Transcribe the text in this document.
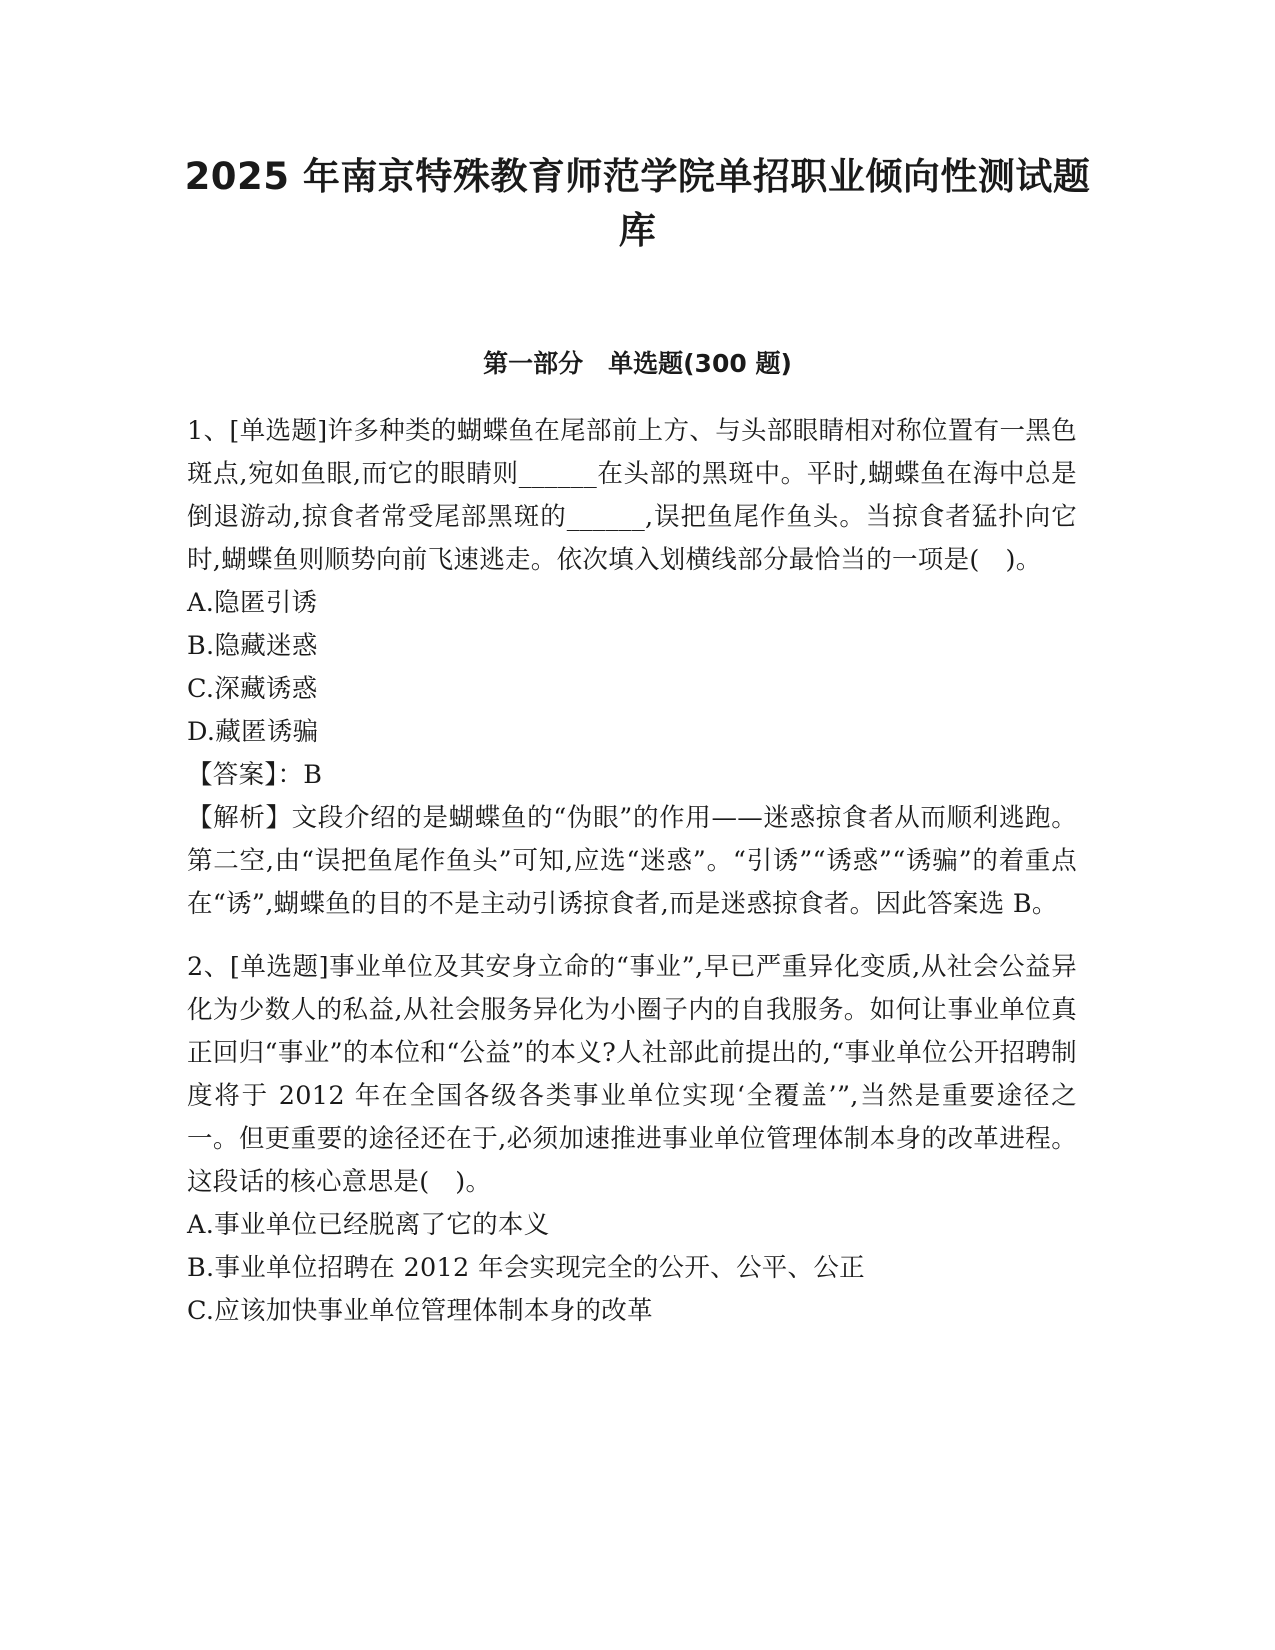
2025 年南京特殊教育师范学院单招职业倾向性测试题库
第一部分　单选题(300 题)

1、[单选题]许多种类的蝴蝶鱼在尾部前上方、与头部眼睛相对称位置有一黑色斑点,宛如鱼眼,而它的眼睛则______在头部的黑斑中。平时,蝴蝶鱼在海中总是倒退游动,掠食者常受尾部黑斑的______,误把鱼尾作鱼头。当掠食者猛扑向它时,蝴蝶鱼则顺势向前飞速逃走。依次填入划横线部分最恰当的一项是(　)。

A.隐匿引诱

B.隐藏迷惑

C.深藏诱惑

D.藏匿诱骗

【答案】：B

【解析】文段介绍的是蝴蝶鱼的“伪眼”的作用——迷惑掠食者从而顺利逃跑。第二空,由“误把鱼尾作鱼头”可知,应选“迷惑”。“引诱”“诱惑”“诱骗”的着重点在“诱”,蝴蝶鱼的目的不是主动引诱掠食者,而是迷惑掠食者。因此答案选 B。

2、[单选题]事业单位及其安身立命的“事业”,早已严重异化变质,从社会公益异化为少数人的私益,从社会服务异化为小圈子内的自我服务。如何让事业单位真正回归“事业”的本位和“公益”的本义?人社部此前提出的,“事业单位公开招聘制度将于 2012 年在全国各级各类事业单位实现‘全覆盖’”,当然是重要途径之一。但更重要的途径还在于,必须加速推进事业单位管理体制本身的改革进程。这段话的核心意思是(　)。

A.事业单位已经脱离了它的本义

B.事业单位招聘在 2012 年会实现完全的公开、公平、公正

C.应该加快事业单位管理体制本身的改革
